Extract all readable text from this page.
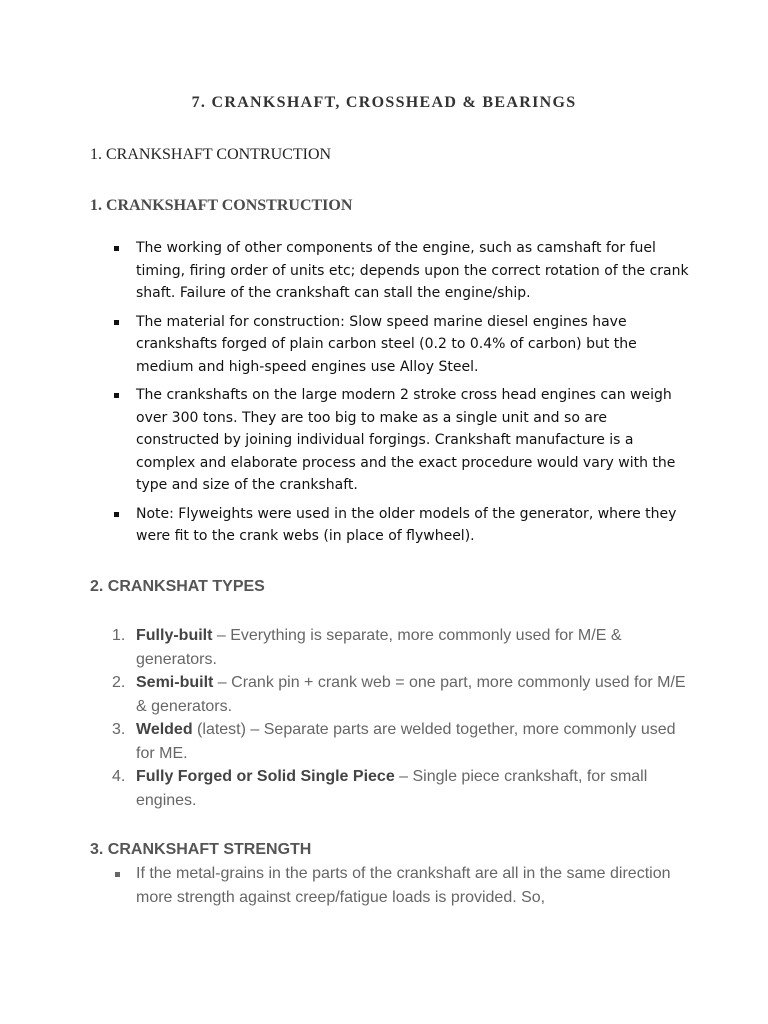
7. CRANKSHAFT, CROSSHEAD & BEARINGS
1. CRANKSHAFT CONTRUCTION
1. CRANKSHAFT CONSTRUCTION
The working of other components of the engine, such as camshaft for fuel timing, firing order of units etc; depends upon the correct rotation of the crank shaft. Failure of the crankshaft can stall the engine/ship.
The material for construction: Slow speed marine diesel engines have crankshafts forged of plain carbon steel (0.2 to 0.4% of carbon) but the medium and high-speed engines use Alloy Steel.
The crankshafts on the large modern 2 stroke cross head engines can weigh over 300 tons. They are too big to make as a single unit and so are constructed by joining individual forgings. Crankshaft manufacture is a complex and elaborate process and the exact procedure would vary with the type and size of the crankshaft.
Note: Flyweights were used in the older models of the generator, where they were fit to the crank webs (in place of flywheel).
2. CRANKSHAT TYPES
1. Fully-built – Everything is separate, more commonly used for M/E & generators.
2. Semi-built – Crank pin + crank web = one part, more commonly used for M/E & generators.
3. Welded (latest) – Separate parts are welded together, more commonly used for ME.
4. Fully Forged or Solid Single Piece – Single piece crankshaft, for small engines.
3. CRANKSHAFT STRENGTH
If the metal-grains in the parts of the crankshaft are all in the same direction more strength against creep/fatigue loads is provided. So,
